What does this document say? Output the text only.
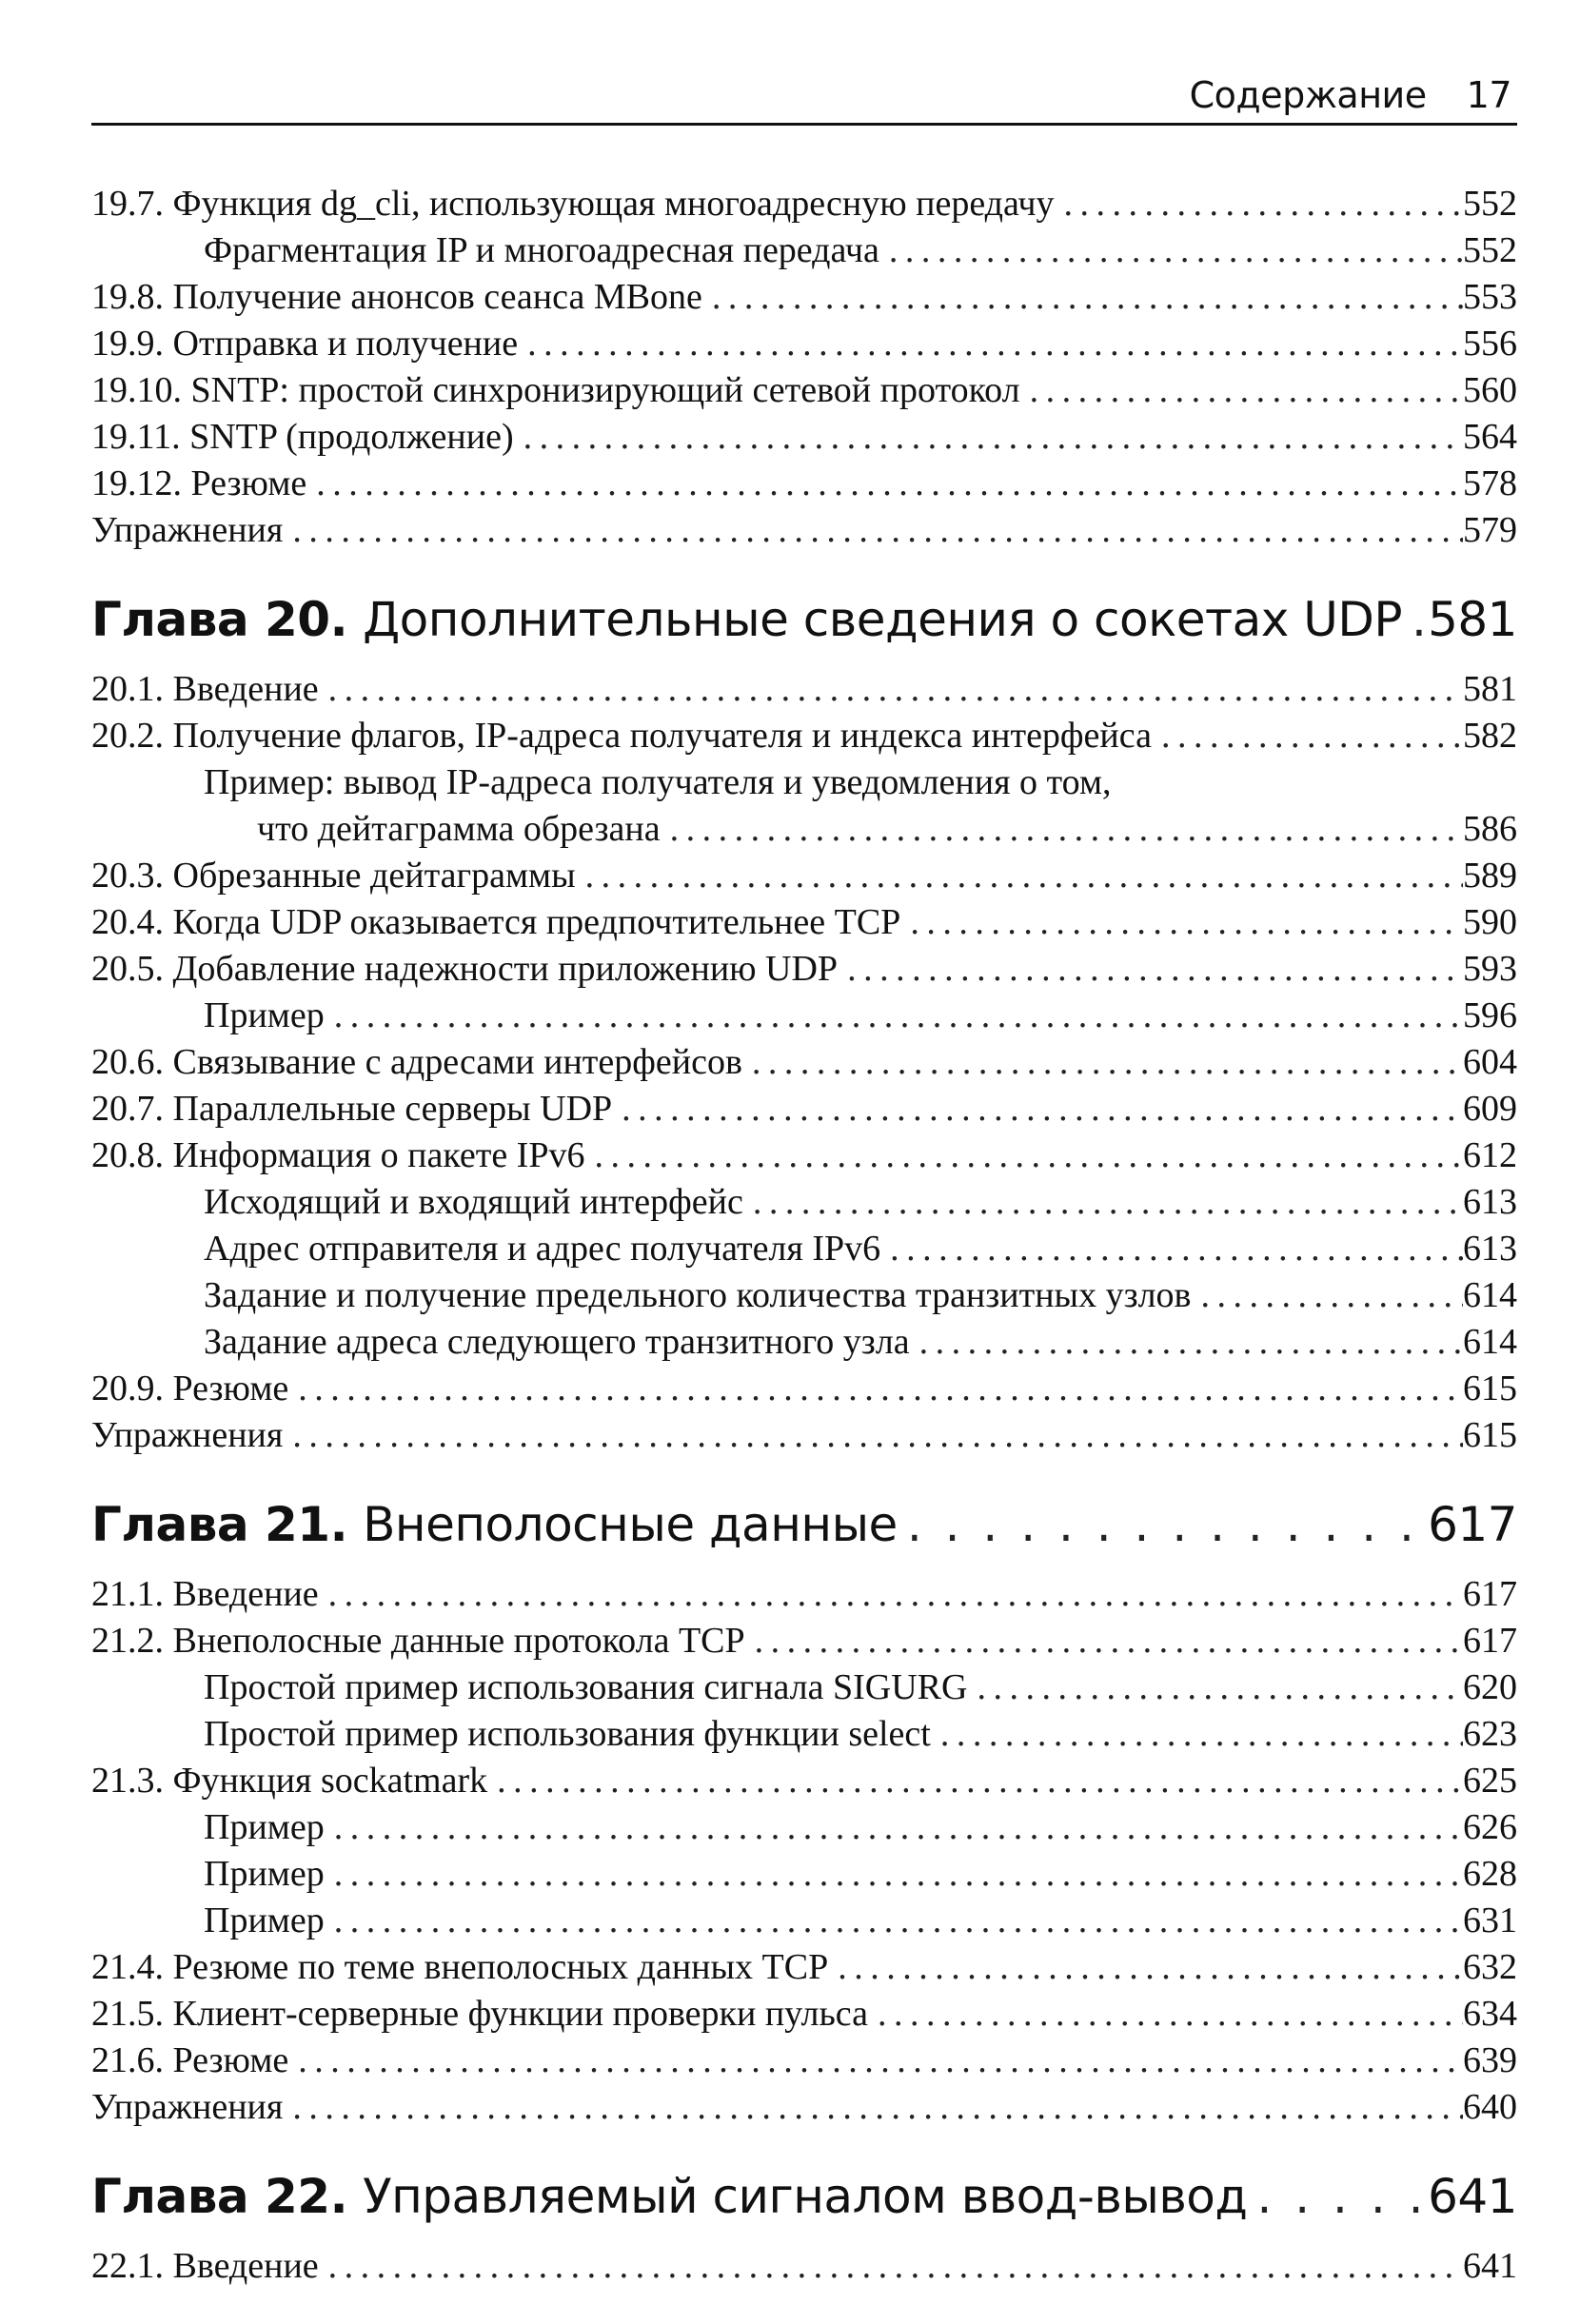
Содержание 17
19.7. Функция dg_cli, использующая многоадресную передачу . . .	552
Фрагментация IP и многоадресная передача . . .	552
19.8. Получение анонсов сеанса MBone . . .	553
19.9. Отправка и получение . . .	556
19.10. SNTP: простой синхронизирующий сетевой протокол . . .	560
19.11. SNTP (продолжение) . . .	564
19.12. Резюме . . .	578
Упражнения . . .	579
Глава 20. Дополнительные сведения о сокетах UDP . . . 581
20.1. Введение . . .	581
20.2. Получение флагов, IP-адреса получателя и индекса интерфейса . . .	582
Пример: вывод IP-адреса получателя и уведомления о том,
что дейтаграмма обрезана . . .	586
20.3. Обрезанные дейтаграммы . . .	589
20.4. Когда UDP оказывается предпочтительнее TCP . . .	590
20.5. Добавление надежности приложению UDP . . .	593
Пример . . .	596
20.6. Связывание с адресами интерфейсов . . .	604
20.7. Параллельные серверы UDP . . .	609
20.8. Информация о пакете IPv6 . . .	612
Исходящий и входящий интерфейс . . .	613
Адрес отправителя и адрес получателя IPv6 . . .	613
Задание и получение предельного количества транзитных узлов . . .	614
Задание адреса следующего транзитного узла . . .	614
20.9. Резюме . . .	615
Упражнения . . .	615
Глава 21. Внеполосные данные . . .	617
21.1. Введение . . .	617
21.2. Внеполосные данные протокола TCP . . .	617
Простой пример использования сигнала SIGURG . . .	620
Простой пример использования функции select . . .	623
21.3. Функция sockatmark . . .	625
Пример . . .	626
Пример . . .	628
Пример . . .	631
21.4. Резюме по теме внеполосных данных TCP . . .	632
21.5. Клиент-серверные функции проверки пульса . . .	634
21.6. Резюме . . .	639
Упражнения . . .	640
Глава 22. Управляемый сигналом ввод-вывод . . .	641
22.1. Введение . . .	641
